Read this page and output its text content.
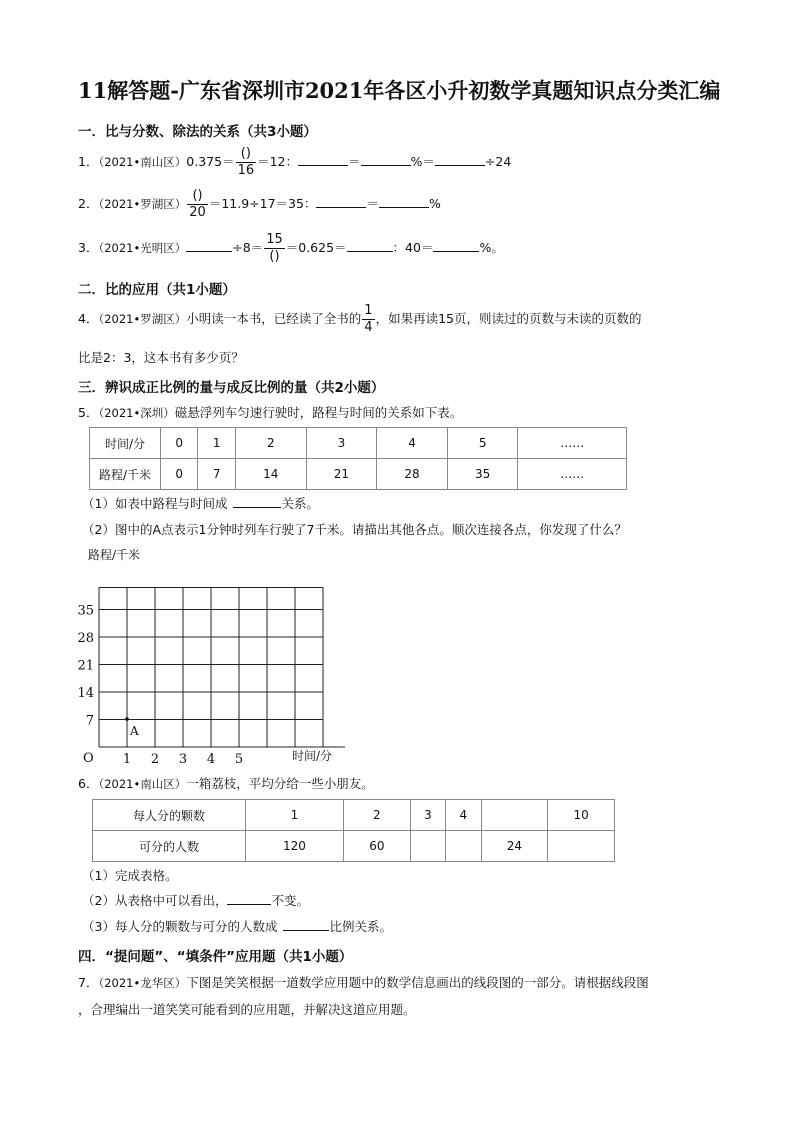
11解答题-广东省深圳市2021年各区小升初数学真题知识点分类汇编
一．比与分数、除法的关系（共3小题）
1．（2021•南山区）$0.375= \frac{()}{16} =12$：	＝	%＝	÷24
2．（2021•罗湖区） $\frac{()}{20} =11.9\div 17=35$：	＝	%
3．（2021•光明区）	$\div 8= \frac{15}{()} =0.625=$	：40＝	%。
二．比的应用（共1小题）
4．（2021•罗湖区）小明读一本书，已经读了全书的 $\frac{1}{4}$ ，如果再读15页，则读过的页数与未读的页数的
比是2：3，这本书有多少页？
三．辨识成正比例的量与成反比例的量（共2小题）
5．（2021•深圳）磁悬浮列车匀速行驶时，路程与时间的关系如下表。
时间/分	0	1	2	3	4	5	……
路程/千米	0	7	14	21	28	35	……
（1）如表中路程与时间成	关系。
（2）图中的A点表示1分钟时列车行驶了7千米。请描出其他各点。顺次连接各点，你发现了什么？
路程/千米
7
14
21
28
35
1 2 3 4 5
O	时间/分
A
6．（2021•南山区）一箱荔枝，平均分给一些小朋友。
每人分的颗数	1	2	3	4		10
可分的人数	120	60			24	
（1）完成表格。
（2）从表格中可以看出，	不变。
（3）每人分的颗数与可分的人数成	比例关系。
四．“提问题”、“填条件”应用题（共1小题）
7．（2021•龙华区）下图是笑笑根据一道数学应用题中的数学信息画出的线段图的一部分。请根据线段图
，合理编出一道笑笑可能看到的应用题，并解决这道应用题。
